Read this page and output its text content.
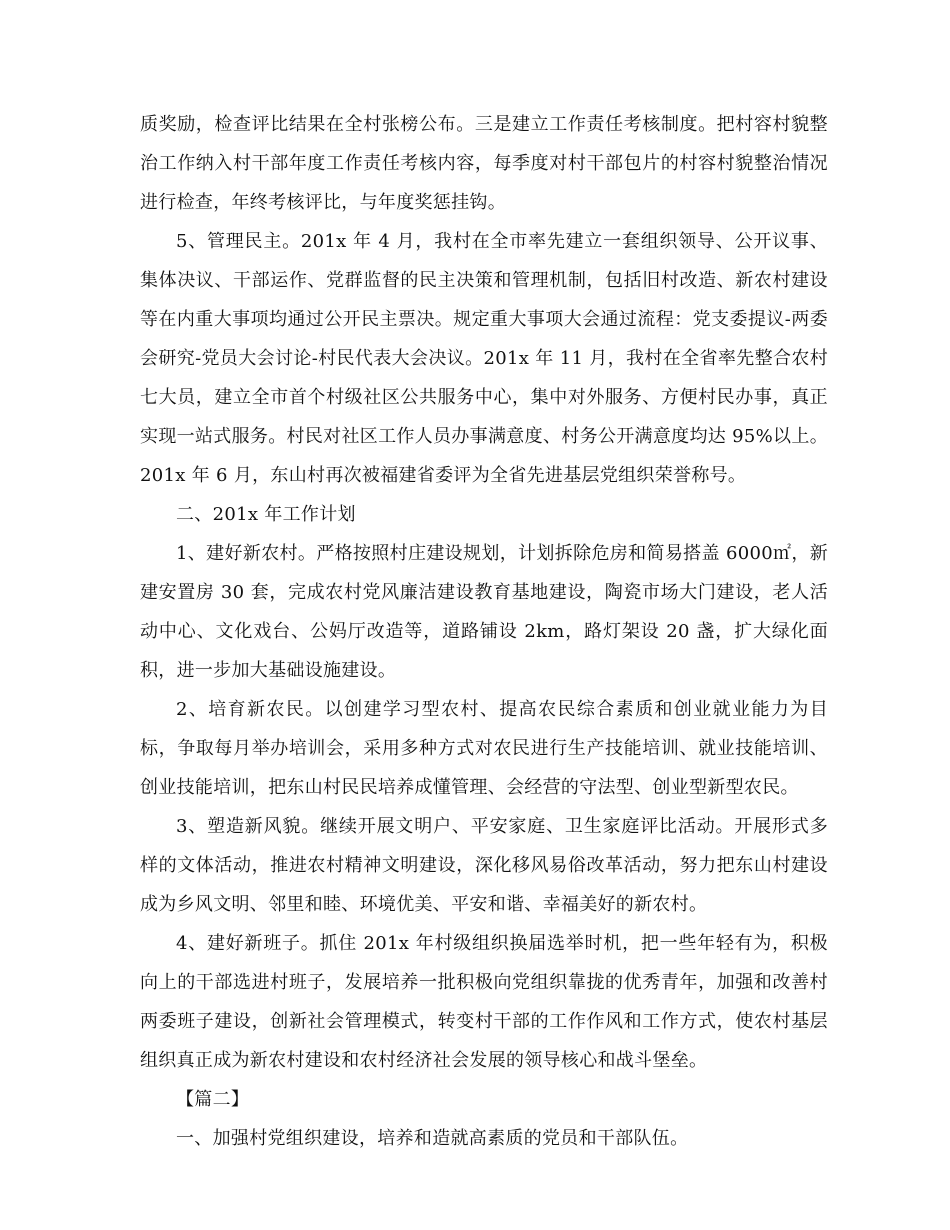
质奖励，检查评比结果在全村张榜公布。三是建立工作责任考核制度。把村容村貌整治工作纳入村干部年度工作责任考核内容，每季度对村干部包片的村容村貌整治情况进行检查，年终考核评比，与年度奖惩挂钩。

5、管理民主。201x 年 4 月，我村在全市率先建立一套组织领导、公开议事、集体决议、干部运作、党群监督的民主决策和管理机制，包括旧村改造、新农村建设等在内重大事项均通过公开民主票决。规定重大事项大会通过流程：党支委提议-两委会研究-党员大会讨论-村民代表大会决议。201x 年 11 月，我村在全省率先整合农村七大员，建立全市首个村级社区公共服务中心，集中对外服务、方便村民办事，真正实现一站式服务。村民对社区工作人员办事满意度、村务公开满意度均达 95%以上。201x 年 6 月，东山村再次被福建省委评为全省先进基层党组织荣誉称号。

二、201x 年工作计划

1、建好新农村。严格按照村庄建设规划，计划拆除危房和简易搭盖 6000㎡，新建安置房 30 套，完成农村党风廉洁建设教育基地建设，陶瓷市场大门建设，老人活动中心、文化戏台、公妈厅改造等，道路铺设 2km，路灯架设 20 盏，扩大绿化面积，进一步加大基础设施建设。

2、培育新农民。以创建学习型农村、提高农民综合素质和创业就业能力为目标，争取每月举办培训会，采用多种方式对农民进行生产技能培训、就业技能培训、创业技能培训，把东山村民民培养成懂管理、会经营的守法型、创业型新型农民。

3、塑造新风貌。继续开展文明户、平安家庭、卫生家庭评比活动。开展形式多样的文体活动，推进农村精神文明建设，深化移风易俗改革活动，努力把东山村建设成为乡风文明、邻里和睦、环境优美、平安和谐、幸福美好的新农村。

4、建好新班子。抓住 201x 年村级组织换届选举时机，把一些年轻有为，积极向上的干部选进村班子，发展培养一批积极向党组织靠拢的优秀青年，加强和改善村两委班子建设，创新社会管理模式，转变村干部的工作作风和工作方式，使农村基层组织真正成为新农村建设和农村经济社会发展的领导核心和战斗堡垒。

【篇二】

一、加强村党组织建设，培养和造就高素质的党员和干部队伍。
